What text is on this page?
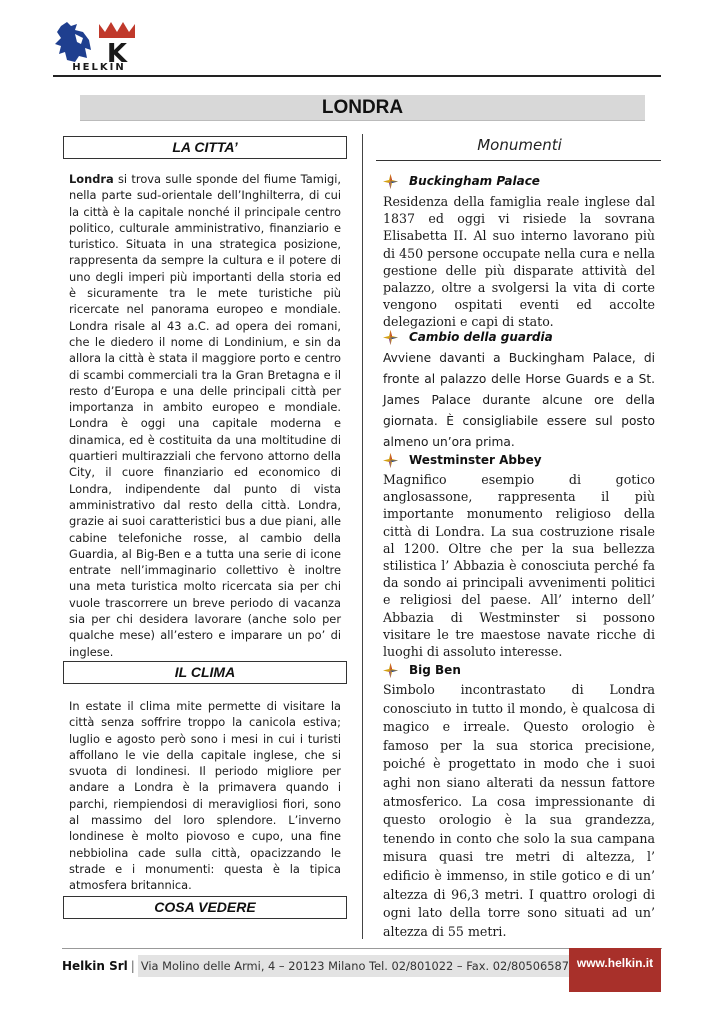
K
HELKIN
LONDRA
LA CITTA’
Londra si trova sulle sponde del fiume Tamigi, nella parte sud-orientale dell’Inghilterra, di cui la città è la capitale nonché il principale centro politico, culturale amministrativo, finanziario e turistico. Situata in una strategica posizione, rappresenta da sempre la cultura e il potere di uno degli imperi più importanti della storia ed è sicuramente tra le mete turistiche più ricercate nel panorama europeo e mondiale. Londra risale al 43 a.C. ad opera dei romani, che le diedero il nome di Londinium, e sin da allora la città è stata il maggiore porto e centro di scambi commerciali tra la Gran Bretagna e il resto d’Europa e una delle principali città per importanza in ambito europeo e mondiale. Londra è oggi una capitale moderna e dinamica, ed è costituita da una moltitudine di quartieri multirazziali che fervono attorno della City, il cuore finanziario ed economico di Londra, indipendente dal punto di vista amministrativo dal resto della città. Londra, grazie ai suoi caratteristici bus a due piani, alle cabine telefoniche rosse, al cambio della Guardia, al Big-Ben e a tutta una serie di icone entrate nell’immaginario collettivo è inoltre una meta turistica molto ricercata sia per chi vuole trascorrere un breve periodo di vacanza sia per chi desidera lavorare (anche solo per qualche mese) all’estero e imparare un po’ di inglese.
IL CLIMA
In estate il clima mite permette di visitare la città senza soffrire troppo la canicola estiva; luglio e agosto però sono i mesi in cui i turisti affollano le vie della capitale inglese, che si svuota di londinesi. Il periodo migliore per andare a Londra è la primavera quando i parchi, riempiendosi di meravigliosi fiori, sono al massimo del loro splendore. L’inverno londinese è molto piovoso e cupo, una fine nebbiolina cade sulla città, opacizzando le strade e i monumenti: questa è la tipica atmosfera britannica.
COSA VEDERE
Monumenti
Buckingham Palace
Residenza della famiglia reale inglese dal 1837 ed oggi vi risiede la sovrana Elisabetta II. Al suo interno lavorano più di 450 persone occupate nella cura e nella gestione delle più disparate attività del palazzo, oltre a svolgersi la vita di corte vengono ospitati eventi ed accolte delegazioni e capi di stato.
Cambio della guardia
Avviene davanti a Buckingham Palace, di fronte al palazzo delle Horse Guards e a St. James Palace durante alcune ore della giornata. È consigliabile essere sul posto almeno un’ora prima.
Westminster Abbey
Magnifico esempio di gotico anglosassone, rappresenta il più importante monumento religioso della città di Londra. La sua costruzione risale al 1200. Oltre che per la sua bellezza stilistica l’ Abbazia è conosciuta perché fa da sondo ai principali avvenimenti politici e religiosi del paese. All’ interno dell’ Abbazia di Westminster si possono visitare le tre maestose navate ricche di luoghi di assoluto interesse.
Big Ben
Simbolo incontrastato di Londra conosciuto in tutto il mondo, è qualcosa di magico e irreale. Questo orologio è famoso per la sua storica precisione, poiché è progettato in modo che i suoi aghi non siano alterati da nessun fattore atmosferico. La cosa impressionante di questo orologio è la sua grandezza, tenendo in conto che solo la sua campana misura quasi tre metri di altezza, l’ edificio è immenso, in stile gotico e di un’ altezza di 96,3 metri. I quattro orologi di ogni lato della torre sono situati ad un’ altezza di 55 metri.
Helkin Srl | Via Molino delle Armi, 4 – 20123 Milano Tel. 02/801022 – Fax. 02/80506587 www.helkin.it
